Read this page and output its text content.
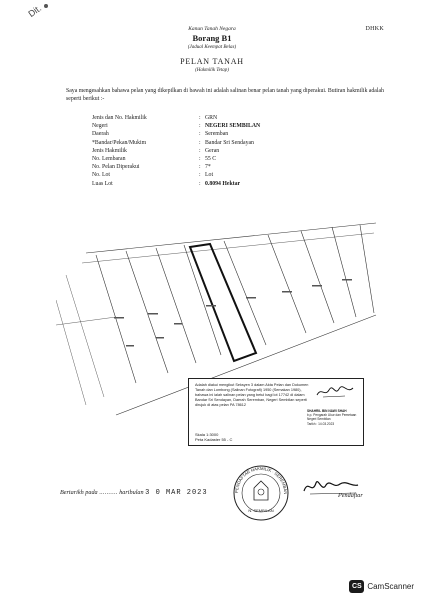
Dit.
DHKK
Kanun Tanah Negara
Borang B1
(Jadual Keempat Belas)
PELAN TANAH
(Hakmilik Tetap)
Saya mengesahkan bahawa pelan yang dikepilkan di bawah ini adalah salinan benar pelan tanah yang diperakui. Butiran hakmilik adalah seperti berikut :-
Jenis dan No. Hakmilik	: GRN
Negeri	: NEGERI SEMBILAN
Daerah	: Seremban
*Bandar/Pekan/Mukim	: Bandar Sri Sendayan
Jenis Hakmilik	: Geran
No. Lembaran	: 55 C
No. Pelan Diperakui	: 7*
No. Lot	: Lot
Luas Lot	: 0.8094 Hektar
Adalah diakui mengikut Seksyen 3 dalam Akta Pelan dan Dokumen Tanah dan Lombong (Salinan Fotografi) 1950 (Semakan 1980), bahawa ini ialah salinan pelan yang betul bagi lot 17742 di dalam Bandar Sri Sendayan, Daerah Seremban, Negeri Sembilan seperti dirujuk di atas pelan PA 78612
Skala 1:3000
Peta Kadaster 55 - C
SHAHRIL BIN NAWI SHAH
b.p. Pengarah Ukur dan Pemetaan Negeri Sembilan
Tarikh : 14.03.2023
Bertarikh pada .......... haribulan 3 0 MAR 2023	PENDAFTAR HAKMILIK · SEREMBAN
N. SEMBILAN
Pendaftar
CS CamScanner
